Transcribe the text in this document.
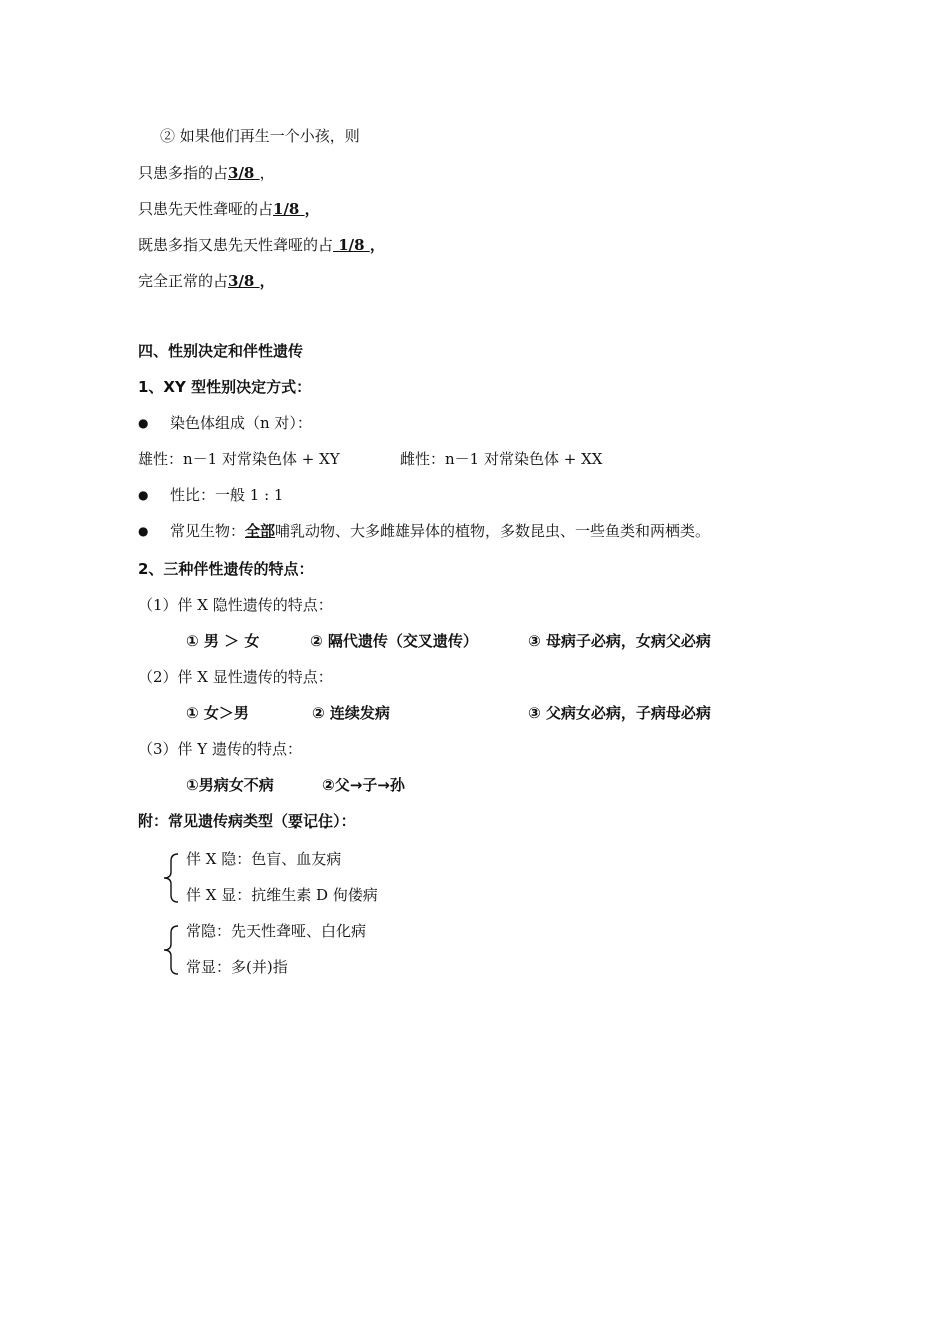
② 如果他们再生一个小孩，则
只患多指的占3/8 ，
只患先天性聋哑的占1/8 ，
既患多指又患先天性聋哑的占 1/8 ，
完全正常的占3/8 ，
四、性别决定和伴性遗传
1、XY 型性别决定方式：
● 染色体组成（n 对）：
雄性：n－1 对常染色体 + XY	雌性：n－1 对常染色体 + XX
● 性比：一般 1 : 1
● 常见生物：全部哺乳动物、大多雌雄异体的植物，多数昆虫、一些鱼类和两栖类。
2、三种伴性遗传的特点：
（1）伴 X 隐性遗传的特点：
① 男 ＞ 女	② 隔代遗传（交叉遗传）	③ 母病子必病，女病父必病
（2）伴 X 显性遗传的特点：
① 女＞男	② 连续发病	③ 父病女必病，子病母必病
（3）伴 Y 遗传的特点：
①男病女不病	②父→子→孙
附：常见遗传病类型（要记住）：
伴 X 隐：色盲、血友病
伴 X 显：抗维生素 D 佝偻病
常隐：先天性聋哑、白化病
常显：多(并)指
